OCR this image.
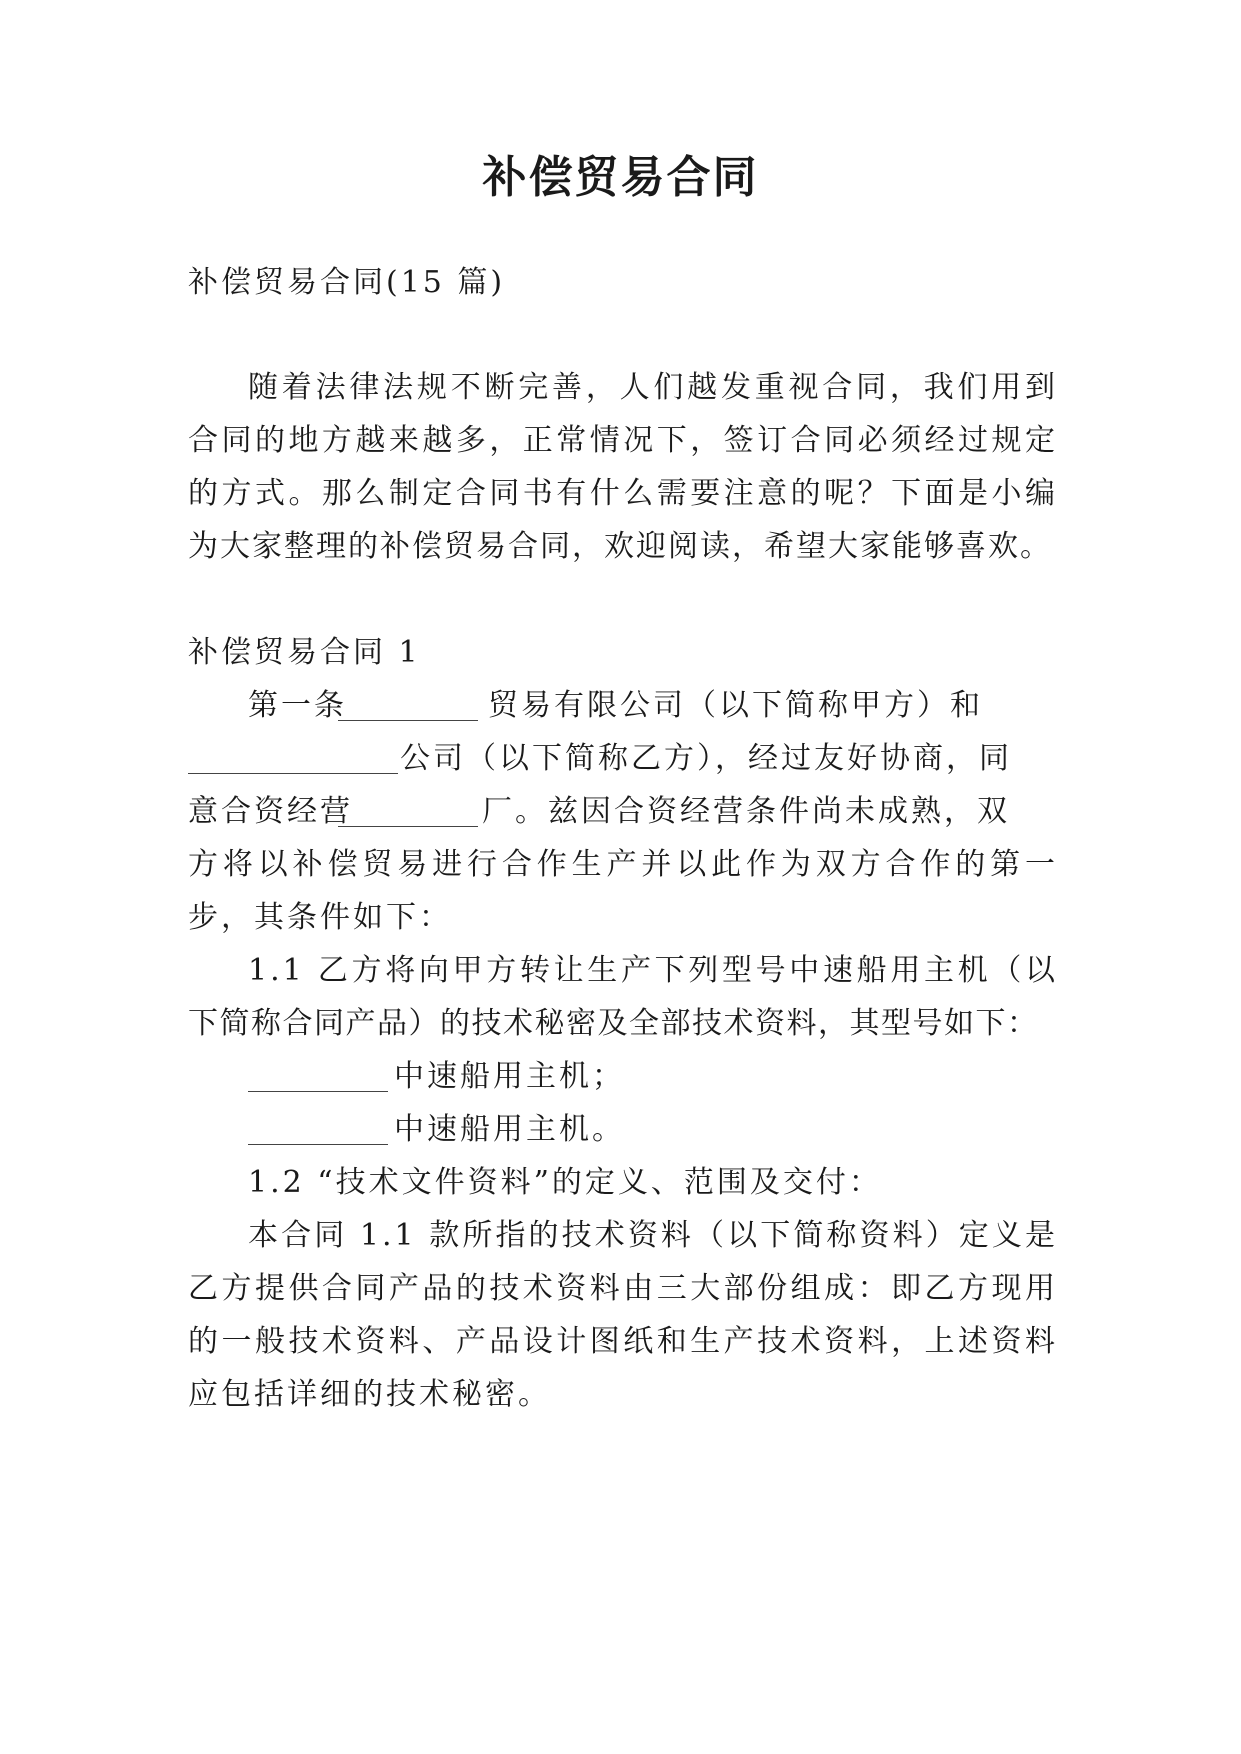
补偿贸易合同
补偿贸易合同(15 篇)
随着法律法规不断完善，人们越发重视合同，我们用到
合同的地方越来越多，正常情况下，签订合同必须经过规定
的方式。那么制定合同书有什么需要注意的呢？下面是小编
为大家整理的补偿贸易合同，欢迎阅读，希望大家能够喜欢。
补偿贸易合同 1
第一条	贸易有限公司（以下简称甲方）和
公司（以下简称乙方），经过友好协商，同
意合资经营	厂。兹因合资经营条件尚未成熟，双
方将以补偿贸易进行合作生产并以此作为双方合作的第一
步，其条件如下：
1.1 乙方将向甲方转让生产下列型号中速船用主机（以
下简称合同产品）的技术秘密及全部技术资料，其型号如下：
中速船用主机；
中速船用主机。
1.2 “技术文件资料”的定义、范围及交付：
本合同 1.1 款所指的技术资料（以下简称资料）定义是
乙方提供合同产品的技术资料由三大部份组成：即乙方现用
的一般技术资料、产品设计图纸和生产技术资料，上述资料
应包括详细的技术秘密。
